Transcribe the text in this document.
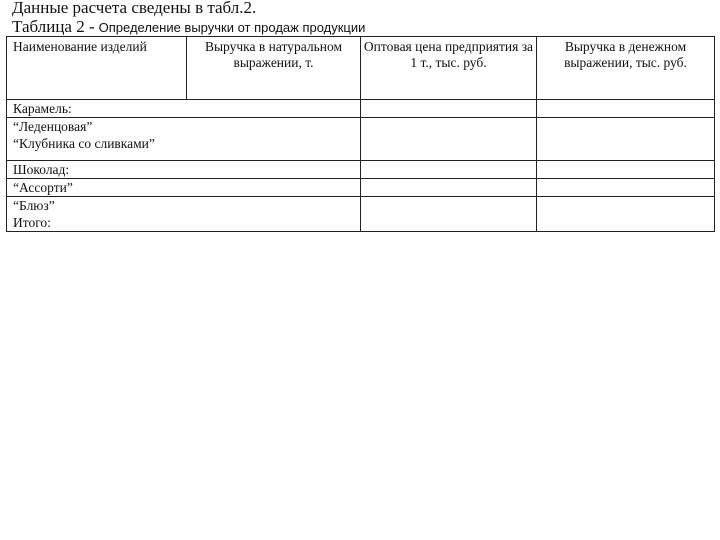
Данные расчета сведены в табл.2.
Таблица 2 - Определение выручки от продаж продукции
Наименование изделий	Выручка в натуральном выражении, т.	Оптовая цена предприятия за 1 т., тыс. руб.	Выручка в денежном выражении, тыс. руб.

Карамель:			

“Леденцовая”
“Клубника со сливками”			

Шоколад:			

“Ассорти”			

“Блюз”
Итого:			
